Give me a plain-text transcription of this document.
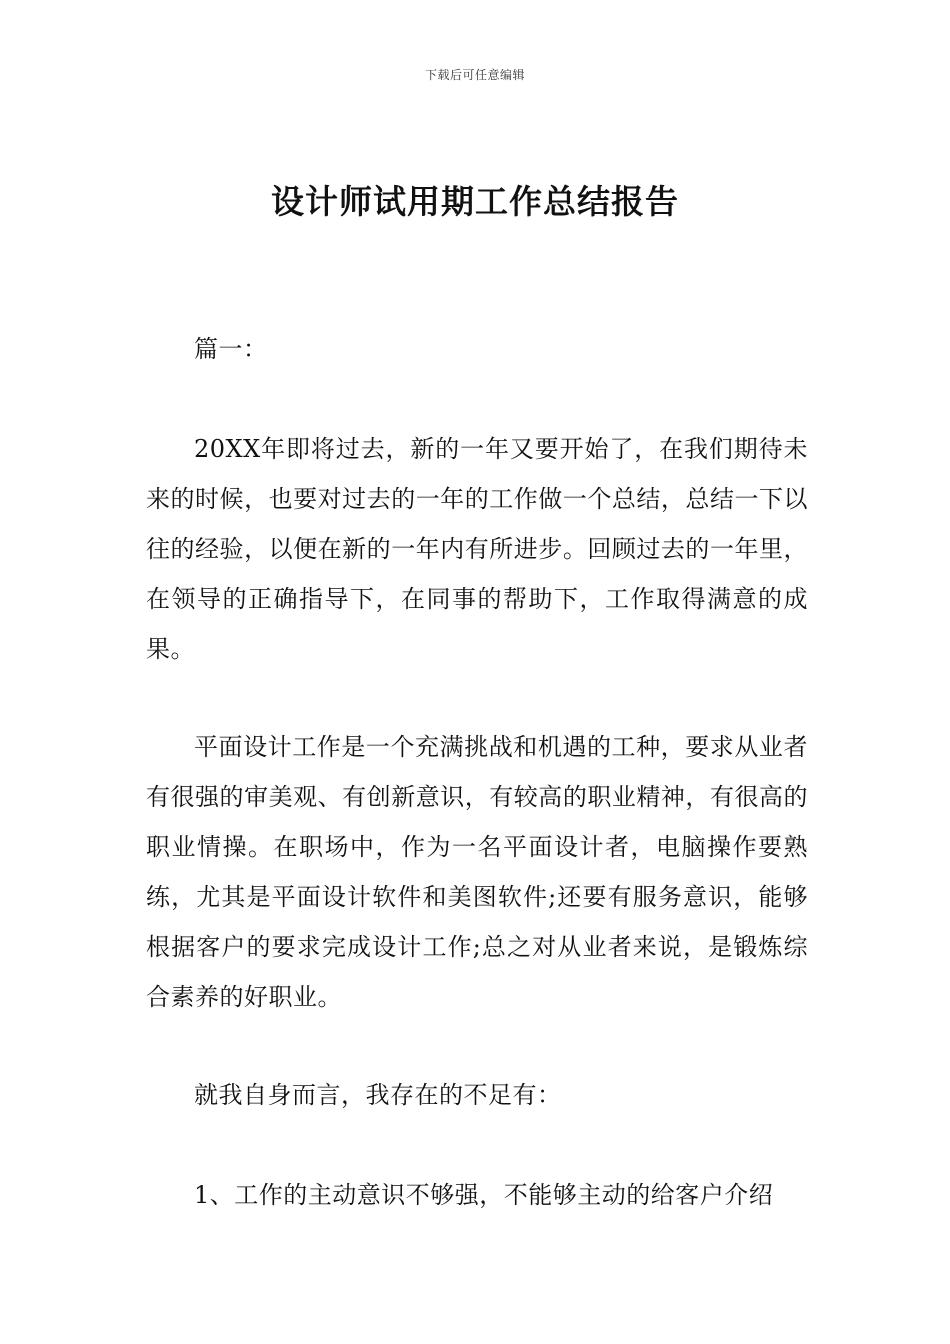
下载后可任意编辑
设计师试用期工作总结报告

篇一：

20XX年即将过去，新的一年又要开始了，在我们期待未来的时候，也要对过去的一年的工作做一个总结，总结一下以往的经验，以便在新的一年内有所进步。回顾过去的一年里，在领导的正确指导下，在同事的帮助下，工作取得满意的成果。

平面设计工作是一个充满挑战和机遇的工种，要求从业者有很强的审美观、有创新意识，有较高的职业精神，有很高的职业情操。在职场中，作为一名平面设计者，电脑操作要熟练，尤其是平面设计软件和美图软件;还要有服务意识，能够根据客户的要求完成设计工作;总之对从业者来说，是锻炼综合素养的好职业。

就我自身而言，我存在的不足有：

1、工作的主动意识不够强，不能够主动的给客户介绍
